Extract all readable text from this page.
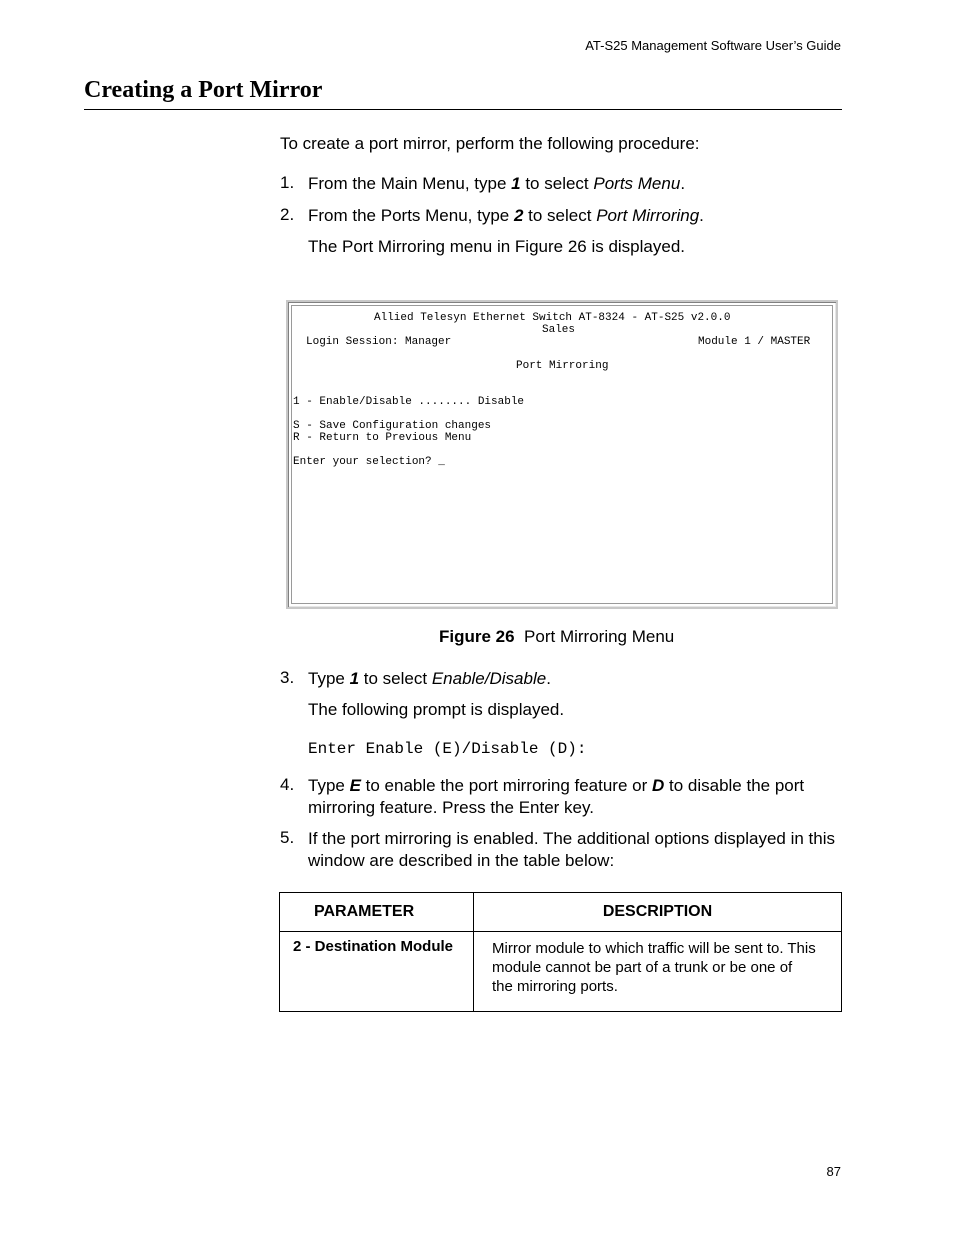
AT-S25 Management Software User’s Guide
Creating a Port Mirror
To create a port mirror, perform the following procedure:
1. From the Main Menu, type 1 to select Ports Menu.
2. From the Ports Menu, type 2 to select Port Mirroring.
The Port Mirroring menu in Figure 26 is displayed.
Allied Telesyn Ethernet Switch AT-8324 - AT-S25 v2.0.0
Sales
Login Session: Manager	Module 1 / MASTER
Port Mirroring
1 - Enable/Disable ........ Disable
S - Save Configuration changes
R - Return to Previous Menu
Enter your selection? _
Figure 26 Port Mirroring Menu
3. Type 1 to select Enable/Disable.
The following prompt is displayed.
Enter Enable (E)/Disable (D):
4. Type E to enable the port mirroring feature or D to disable the port mirroring feature. Press the Enter key.
5. If the port mirroring is enabled. The additional options displayed in this window are described in the table below:
PARAMETER	DESCRIPTION
2 - Destination Module	Mirror module to which traffic will be sent to. This module cannot be part of a trunk or be one of the mirroring ports.
87
